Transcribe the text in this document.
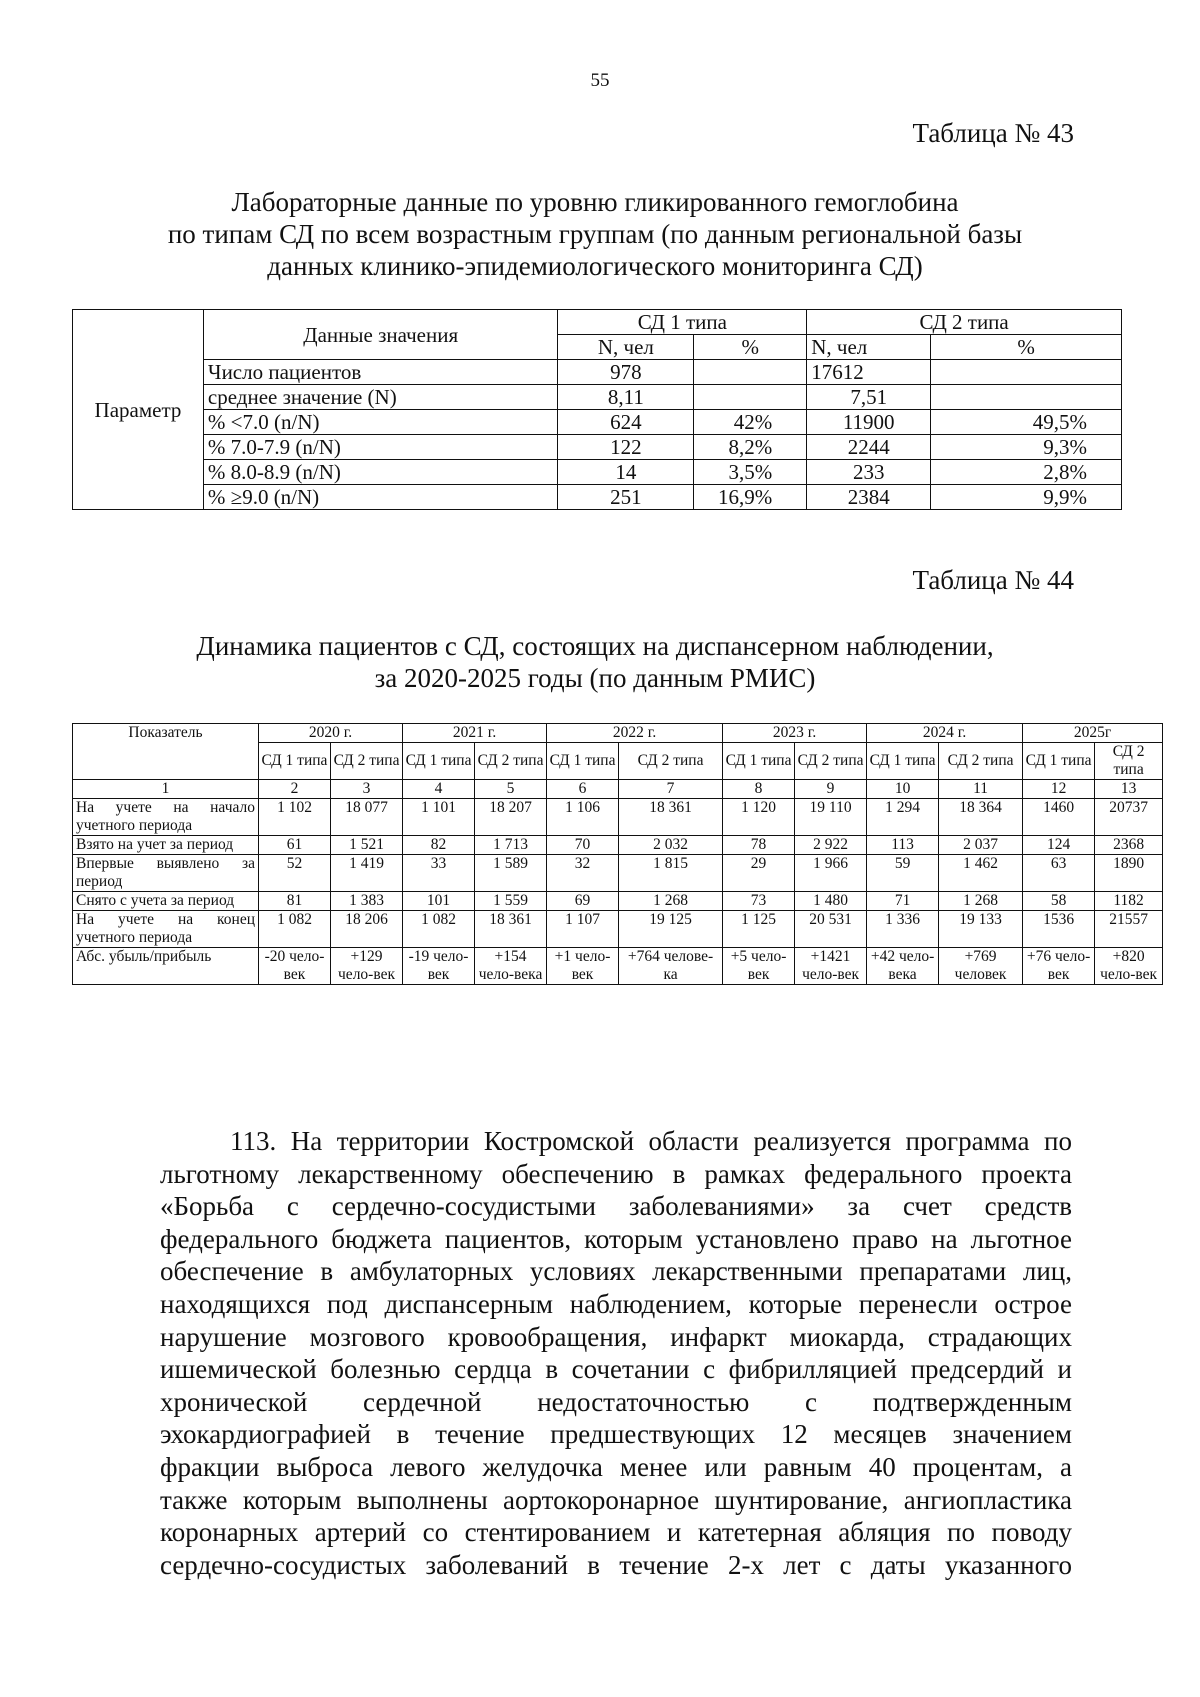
55
Таблица № 43
Лабораторные данные по уровню гликированного гемоглобина
по типам СД по всем возрастным группам (по данным региональной базы
данных клинико-эпидемиологического мониторинга СД)
Параметр	Данные значения	СД 1 типа		СД 2 типа	
		N, чел	%	N, чел	%
	Число пациентов	978		17612	
	среднее значение (N)	8,11		7,51	
	% <7.0 (n/N)	624	42%	11900	49,5%
	% 7.0-7.9 (n/N)	122	8,2%	2244	9,3%
	% 8.0-8.9 (n/N)	14	3,5%	233	2,8%
	% ≥9.0 (n/N)	251	16,9%	2384	9,9%
Таблица № 44
Динамика пациентов с СД, состоящих на диспансерном наблюдении,
за 2020-2025 годы (по данным РМИС)
Показатель	2020 г.		2021 г.		2022 г.		2023 г.		2024 г.		2025г	
	СД 1 типа	СД 2 типа	СД 1 типа	СД 2 типа	СД 1 типа	СД 2 типа	СД 1 типа	СД 2 типа	СД 1 типа	СД 2 типа	СД 1 типа	СД 2 типа
1	2	3	4	5	6	7	8	9	10	11	12	13
На учете на начало учетного периода	1 102	18 077	1 101	18 207	1 106	18 361	1 120	19 110	1 294	18 364	1460	20737
Взято на учет за период	61	1 521	82	1 713	70	2 032	78	2 922	113	2 037	124	2368
Впервые выявлено за период	52	1 419	33	1 589	32	1 815	29	1 966	59	1 462	63	1890
Снято с учета за период	81	1 383	101	1 559	69	1 268	73	1 480	71	1 268	58	1182
На учете на конец учетного периода	1 082	18 206	1 082	18 361	1 107	19 125	1 125	20 531	1 336	19 133	1536	21557
Абс. убыль/прибыль	-20 чело-век	+129 чело-век	-19 чело-век	+154 чело-века	+1 чело-век	+764 челове-ка	+5 чело-век	+1421 чело-век	+42 чело-века	+769 человек	+76 чело-век	+820 чело-век
113. На территории Костромской области реализуется программа по
льготному лекарственному обеспечению в рамках федерального проекта
«Борьба с сердечно-сосудистыми заболеваниями» за счет средств
федерального бюджета пациентов, которым установлено право на льготное
обеспечение в амбулаторных условиях лекарственными препаратами лиц,
находящихся под диспансерным наблюдением, которые перенесли острое
нарушение мозгового кровообращения, инфаркт миокарда, страдающих
ишемической болезнью сердца в сочетании с фибрилляцией предсердий и
хронической сердечной недостаточностью с подтвержденным
эхокардиографией в течение предшествующих 12 месяцев значением
фракции выброса левого желудочка менее или равным 40 процентам, а
также которым выполнены аортокоронарное шунтирование, ангиопластика
коронарных артерий со стентированием и катетерная абляция по поводу
сердечно-сосудистых заболеваний в течение 2-х лет с даты указанного
